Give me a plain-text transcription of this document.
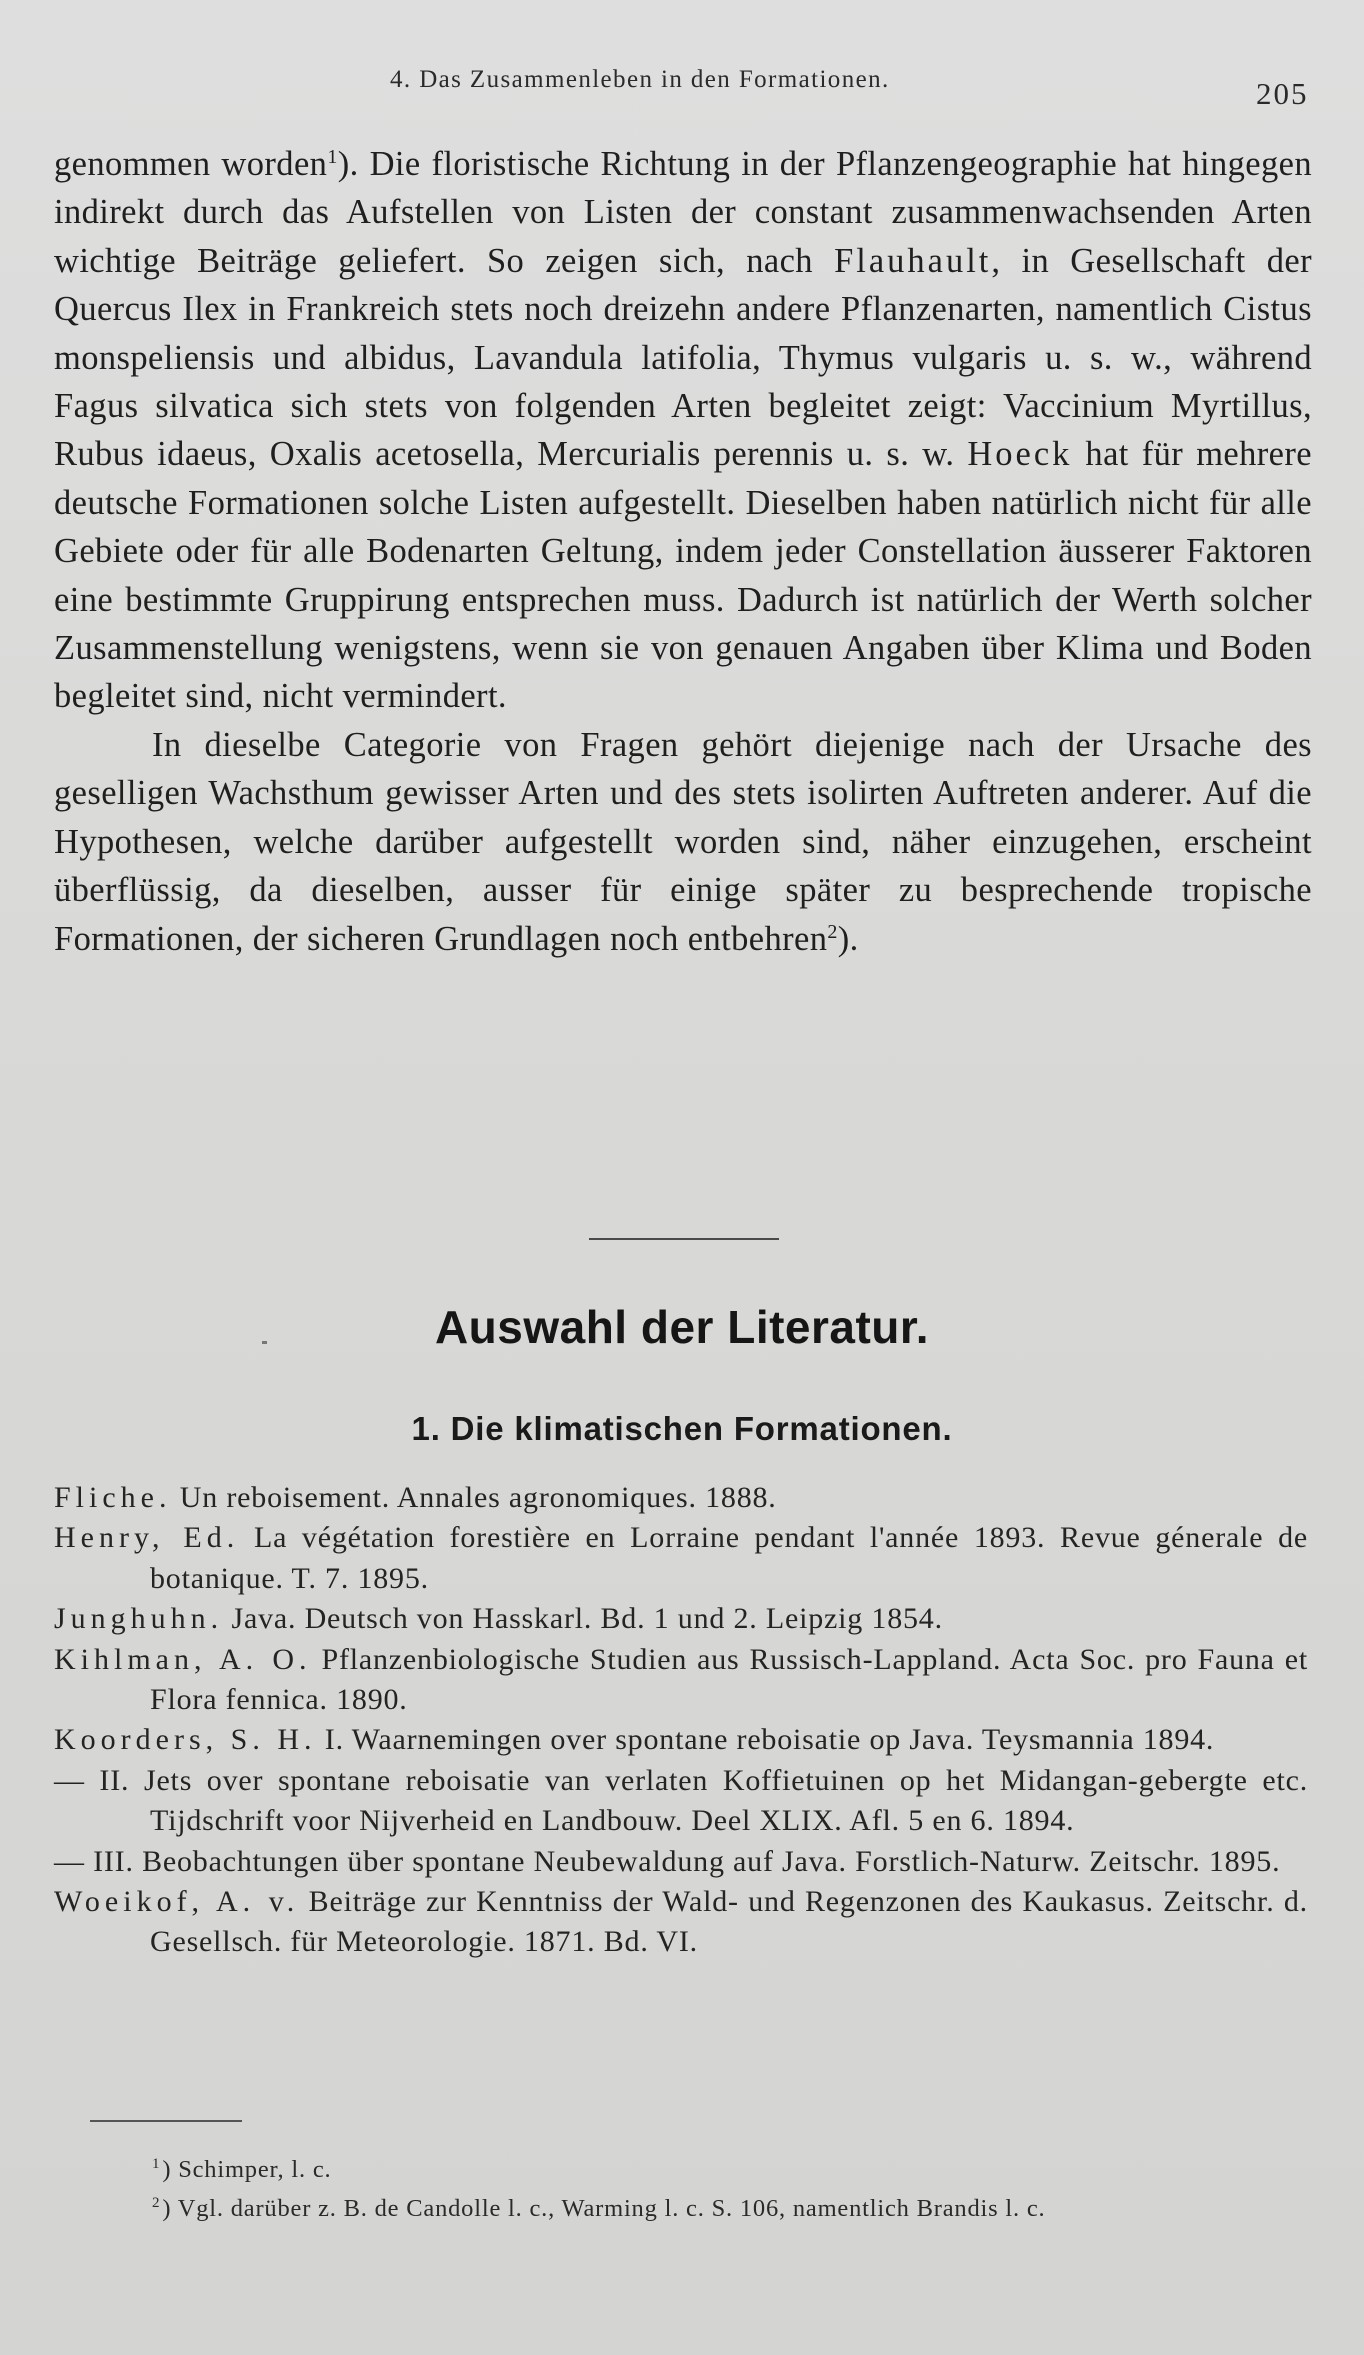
4. Das Zusammenleben in den Formationen.	205

genommen worden$^1$). Die floristische Richtung in der Pflanzengeographie hat hingegen indirekt durch das Aufstellen von Listen der constant zusammenwachsenden Arten wichtige Beiträge geliefert. So zeigen sich, nach Flauhault, in Gesellschaft der Quercus Ilex in Frankreich stets noch dreizehn andere Pflanzenarten, namentlich Cistus monspeliensis und albidus, Lavandula latifolia, Thymus vulgaris u. s. w., während Fagus silvatica sich stets von folgenden Arten begleitet zeigt: Vaccinium Myrtillus, Rubus idaeus, Oxalis acetosella, Mercurialis perennis u. s. w. Hoeck hat für mehrere deutsche Formationen solche Listen aufgestellt. Dieselben haben natürlich nicht für alle Gebiete oder für alle Bodenarten Geltung, indem jeder Constellation äusserer Faktoren eine bestimmte Gruppirung entsprechen muss. Dadurch ist natürlich der Werth solcher Zusammenstellung wenigstens, wenn sie von genauen Angaben über Klima und Boden begleitet sind, nicht vermindert.

In dieselbe Categorie von Fragen gehört diejenige nach der Ursache des geselligen Wachsthum gewisser Arten und des stets isolirten Auftreten anderer. Auf die Hypothesen, welche darüber aufgestellt worden sind, näher einzugehen, erscheint überflüssig, da dieselben, ausser für einige später zu besprechende tropische Formationen, der sicheren Grundlagen noch entbehren$^2$).

Auswahl der Literatur.
1. Die klimatischen Formationen.
Fliche. Un reboisement. Annales agronomiques. 1888.
Henry, Ed. La végétation forestière en Lorraine pendant l'année 1893. Revue génerale de botanique. T. 7. 1895.
Junghuhn. Java. Deutsch von Hasskarl. Bd. 1 und 2. Leipzig 1854.
Kihlman, A. O. Pflanzenbiologische Studien aus Russisch-Lappland. Acta Soc. pro Fauna et Flora fennica. 1890.
Koorders, S. H. I. Waarnemingen over spontane reboisatie op Java. Teysmannia 1894.
— II. Jets over spontane reboisatie van verlaten Koffietuinen op het Midangan-gebergte etc. Tijdschrift voor Nijverheid en Landbouw. Deel XLIX. Afl. 5 en 6. 1894.
— III. Beobachtungen über spontane Neubewaldung auf Java. Forstlich-Naturw. Zeitschr. 1895.
Woeikof, A. v. Beiträge zur Kenntniss der Wald- und Regenzonen des Kaukasus. Zeitschr. d. Gesellsch. für Meteorologie. 1871. Bd. VI.
$^1$) Schimper, l. c.
$^2$) Vgl. darüber z. B. de Candolle l. c., Warming l. c. S. 106, namentlich Brandis l. c.
